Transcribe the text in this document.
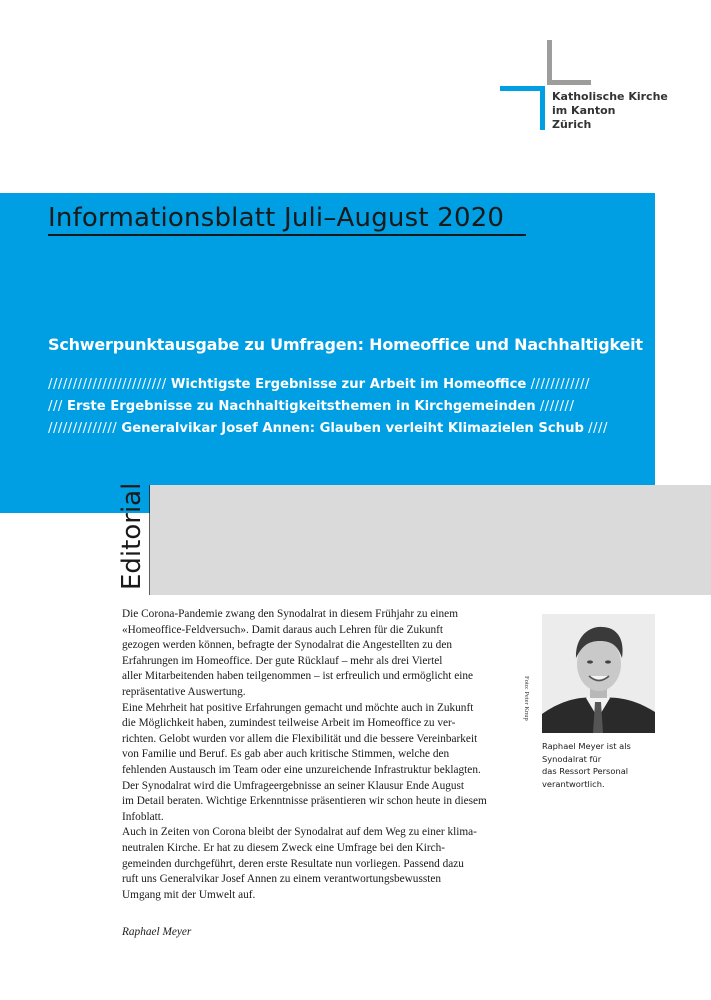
Katholische Kirche
im Kanton
Zürich
Informationsblatt Juli–August 2020
Schwerpunktausgabe zu Umfragen: Homeoffice und Nachhaltigkeit
//////////////////////// Wichtigste Ergebnisse zur Arbeit im Homeoffice ////////////
/// Erste Ergebnisse zu Nachhaltigkeitsthemen in Kirchgemeinden ///////
////////////// Generalvikar Josef Annen: Glauben verleiht Klimazielen Schub ////
Editorial

Die Corona-Pandemie zwang den Synodalrat in diesem Frühjahr zu einem

«Homeoffice-Feldversuch». Damit daraus auch Lehren für die Zukunft

gezogen werden können, befragte der Synodalrat die Angestellten zu den

Erfahrungen im Homeoffice. Der gute Rücklauf – mehr als drei Viertel

aller Mitarbeitenden haben teilgenommen – ist erfreulich und ermöglicht eine

repräsentative Auswertung.

Eine Mehrheit hat positive Erfahrungen gemacht und möchte auch in Zukunft

die Möglichkeit haben, zumindest teilweise Arbeit im Homeoffice zu ver-

richten. Gelobt wurden vor allem die Flexibilität und die bessere Vereinbarkeit

von Familie und Beruf. Es gab aber auch kritische Stimmen, welche den

fehlenden Austausch im Team oder eine unzureichende Infrastruktur beklagten.

Der Synodalrat wird die Umfrageergebnisse an seiner Klausur Ende August

im Detail beraten. Wichtige Erkenntnisse präsentieren wir schon heute in diesem

Infoblatt.

Auch in Zeiten von Corona bleibt der Synodalrat auf dem Weg zu einer klima-

neutralen Kirche. Er hat zu diesem Zweck eine Umfrage bei den Kirch-

gemeinden durchgeführt, deren erste Resultate nun vorliegen. Passend dazu

ruft uns Generalvikar Josef Annen zu einem verantwortungsbewussten

Umgang mit der Umwelt auf.

Raphael Meyer
Foto: Peter Knup
Raphael Meyer ist als
Synodalrat für
das Ressort Personal
verantwortlich.
